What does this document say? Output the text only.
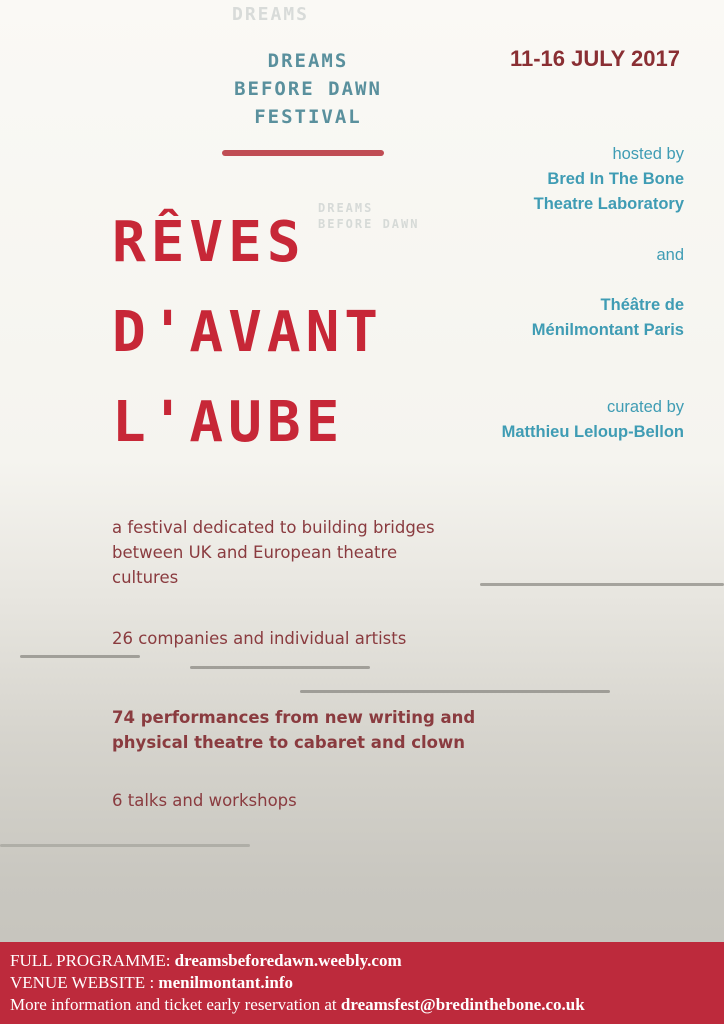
DREAMS
DREAMS
BEFORE DAWN
DREAMS
BEFORE DAWN
FESTIVAL
11-16 JULY 2017
hosted by
Bred In The Bone
Theatre Laboratory
and
Théâtre de
Ménilmontant Paris
curated by
Matthieu Leloup-Bellon
RÊVES
D'AVANT
L'AUBE
a festival dedicated to building bridges
between UK and European theatre
cultures
26 companies and individual artists
74 performances from new writing and
physical theatre to cabaret and clown
6 talks and workshops
FULL PROGRAMME: dreamsbeforedawn.weebly.com
VENUE WEBSITE : menilmontant.info
More information and ticket early reservation at dreamsfest@bredinthebone.co.uk
